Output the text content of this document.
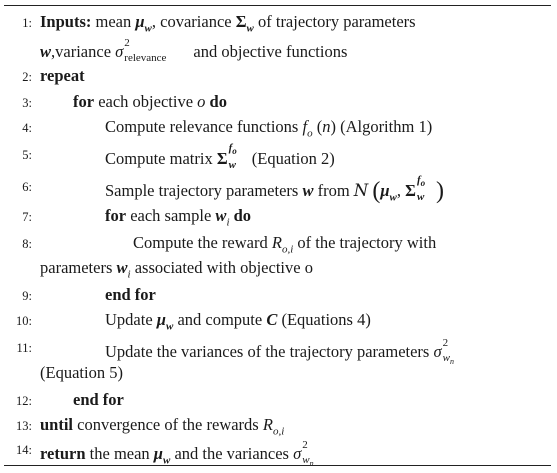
1: Inputs: mean $\mu_w$, covariance $\Sigma_w$ of trajectory parameters
w,variance σ 2
relevance and objective functions
2: repeat
3: for each objective o do
4:	Compute relevance functions $f_o$ (n) (Algorithm 1)
5:	Compute matrix Σ
$f_o$
w (Equation 2)
6:	Sample trajectory parameters w from N ($\mu_w$, Σ
$f_o$
w )
7:	for each sample $w_i$ do
8:	Compute the reward $R_{o,i}$ of the trajectory with
parameters $w_i$ associated with objective o
9:	end for
10:	Update $\mu_w$ and compute C (Equations 4)
11:	Update the variances of the trajectory parameters σ 2
$w_n$
(Equation 5)
12: end for
13: until convergence of the rewards $R_{o,i}$
14: return the mean $\mu_w$ and the variances σ 2
$w_n$
